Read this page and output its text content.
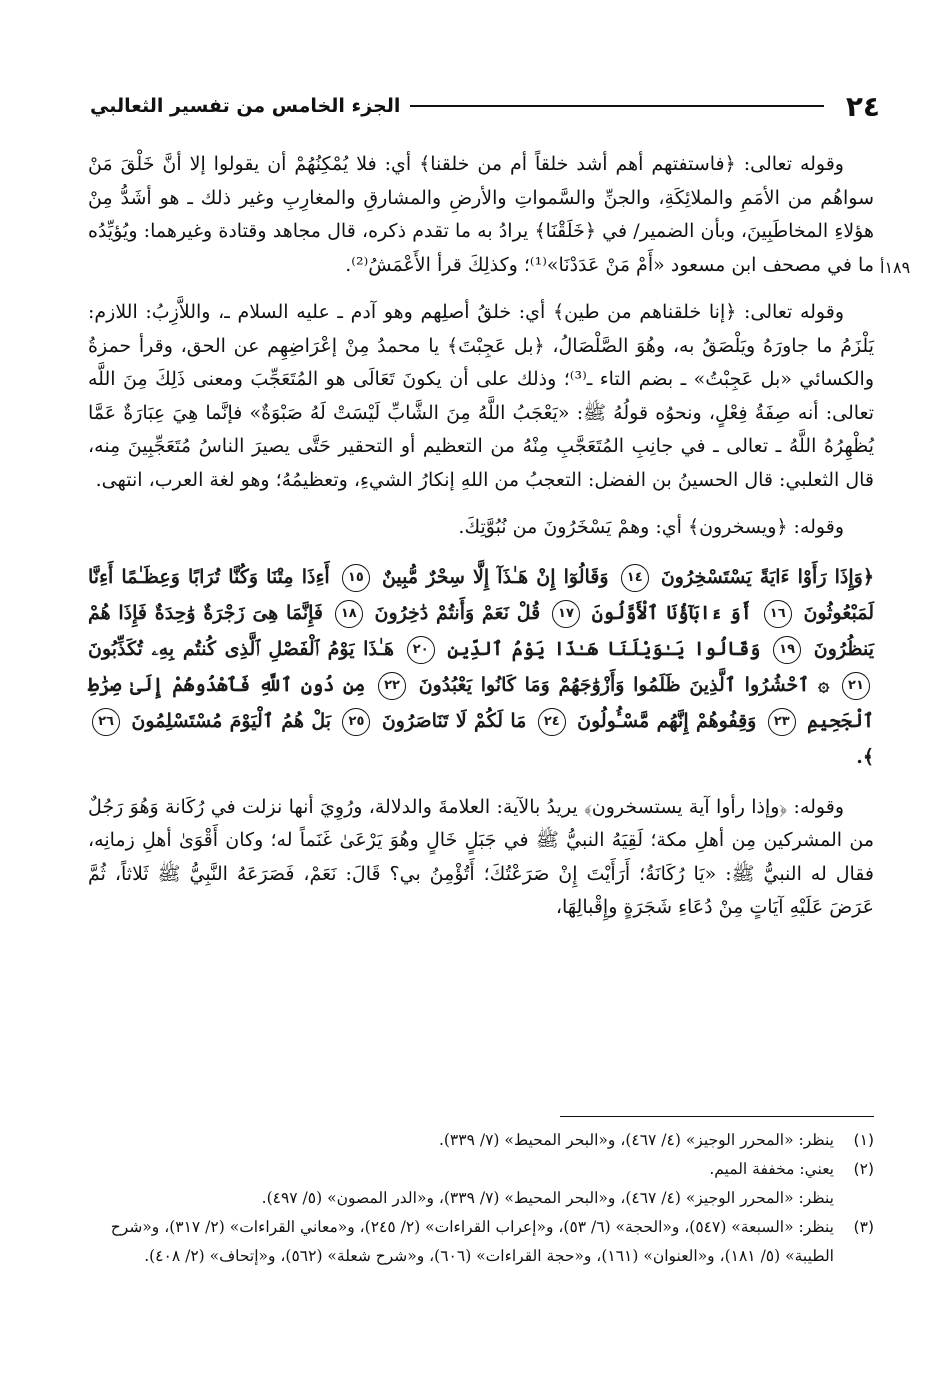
٢٤
الجزء الخامس من تفسير الثعالبي
١٨٩أ

وقوله تعالى: ﴿فاستفتهم أهم أشد خلقاً أم من خلقنا﴾ أي: فلا يُمْكِنُهُمْ أن يقولوا إلا أنَّ خَلْقَ مَنْ سواهُم من الأمَمِ والملائِكَةِ، والجنِّ والسَّمواتِ والأرضِ والمشارقِ والمغارِبِ وغير ذلك ـ هو أشَدُّ مِنْ هؤلاءِ المخاطَبِينَ، وبأن الضمير/ في ﴿خَلَقْنَا﴾ يرادُ به ما تقدم ذكره، قال مجاهد وقتادة وغيرهما: ويُؤيِّدُه ما في مصحف ابن مسعود «أَمْ مَنْ عَدَدْنَا»⁽¹⁾؛ وكذلِكَ قرأ الأَعْمَشُ⁽²⁾.

وقوله تعالى: ﴿إنا خلقناهم من طين﴾ أي: خلقُ أصلِهم وهو آدم ـ عليه السلام ـ، واللاَّزِبُ: اللازم: يَلْزَمُ ما جاورَهُ ويَلْصَقُ به، وهُوَ الصَّلْصَالُ، ﴿بل عَجِبْتَ﴾ يا محمدُ مِنْ إعْرَاضِهِم عن الحق، وقرأ حمزةُ والكسائي «بل عَجِبْتُ» ـ بضم التاء ـ⁽³⁾؛ وذلك على أن يكونَ تَعَالَى هو المُتَعَجِّبَ ومعنى ذَلِكَ مِنَ اللَّه تعالى: أنه صِفَةُ فِعْلٍ، ونحوُه قولُهُ ﷺ: «يَعْجَبُ اللَّهُ مِنَ الشَّابِّ لَيْسَتْ لَهُ صَبْوَةٌ» فإنَّما هِيَ عِبَارَةٌ عَمَّا يُظْهِرُهُ اللَّهُ ـ تعالى ـ في جانِبِ المُتَعَجَّبِ مِنْهُ من التعظيم أو التحقير حَتَّى يصيرَ الناسُ مُتَعَجِّبِينَ مِنه، قال الثعلبي: قال الحسينُ بن الفضل: التعجبُ من اللهِ إنكارُ الشيءِ، وتعظيمُهُ؛ وهو لغة العرب، انتهى.

وقوله: ﴿ويسخرون﴾ أي: وهمْ يَسْخَرُونَ من نُبُوَّتِكَ.

﴿وَإِذَا رَأَوْا ءَايَةً يَسْتَسْخِرُونَ ١٤ وَقَالُوٓا إِنْ هَـٰذَآ إِلَّا سِحْرٌ مُّبِينٌ ١٥ أَءِذَا مِتْنَا وَكُنَّا تُرَابًا وَعِظَـٰمًا أَءِنَّا لَمَبْعُوثُونَ ١٦ أَوَ ءَابَآؤُنَا ٱلْأَوَّلُونَ ١٧ قُلْ نَعَمْ وَأَنتُمْ دَٰخِرُونَ ١٨ فَإِنَّمَا هِىَ زَجْرَةٌ وَٰحِدَةٌ فَإِذَا هُمْ يَنظُرُونَ ١٩ وَقَالُوا يَـٰوَيْلَنَا هَـٰذَا يَوْمُ ٱلدِّينِ ٢٠ هَـٰذَا يَوْمُ ٱلْفَصْلِ ٱلَّذِى كُنتُم بِهِۦ تُكَذِّبُونَ ٢١ ۞ ٱحْشُرُوا ٱلَّذِينَ ظَلَمُوا وَأَزْوَٰجَهُمْ وَمَا كَانُوا يَعْبُدُونَ ٢٢ مِن دُونِ ٱللَّهِ فَٱهْدُوهُمْ إِلَىٰ صِرَٰطِ ٱلْجَحِيمِ ٢٣ وَقِفُوهُمْ إِنَّهُم مَّسْـُٔولُونَ ٢٤ مَا لَكُمْ لَا تَنَاصَرُونَ ٢٥ بَلْ هُمُ ٱلْيَوْمَ مُسْتَسْلِمُونَ ٢٦ ﴾.

وقوله: ﴿وإذا رأوا آية يستسخرون﴾ يريدُ بالآية: العلامةَ والدلالة، ورُوِيَ أنها نزلت في رُكَانة وَهُوَ رَجُلٌ من المشركين مِن أهلِ مكة؛ لَقِيَهُ النبيُّ ﷺ في جَبَلٍ خَالٍ وهُوَ يَرْعَىٰ غَنَماً له؛ وكان أَقْوَىٰ أهلِ زمانِه، فقال له النبيُّ ﷺ: «يَا رُكَانَةُ؛ أَرَأَيْتَ إِنْ صَرَعْتُكَ؛ أَتُؤْمِنُ بي؟ قَالَ: نَعَمْ، فَصَرَعَهُ النَّبِيُّ ﷺ ثَلاثاً، ثُمَّ عَرَضَ عَلَيْهِ آيَاتٍ مِنْ دُعَاءِ شَجَرَةٍ وإِقْبالِهَا،

(١)
ينظر: «المحرر الوجيز» (٤/ ٤٦٧)، و«البحر المحيط» (٧/ ٣٣٩).
(٢)
يعني: مخففة الميم.
ينظر: «المحرر الوجيز» (٤/ ٤٦٧)، و«البحر المحيط» (٧/ ٣٣٩)، و«الدر المصون» (٥/ ٤٩٧).
(٣)
ينظر: «السبعة» (٥٤٧)، و«الحجة» (٦/ ٥٣)، و«إعراب القراءات» (٢/ ٢٤٥)، و«معاني القراءات» (٢/ ٣١٧)، و«شرح الطيبة» (٥/ ١٨١)، و«العنوان» (١٦١)، و«حجة القراءات» (٦٠٦)، و«شرح شعلة» (٥٦٢)، و«إتحاف» (٢/ ٤٠٨).
